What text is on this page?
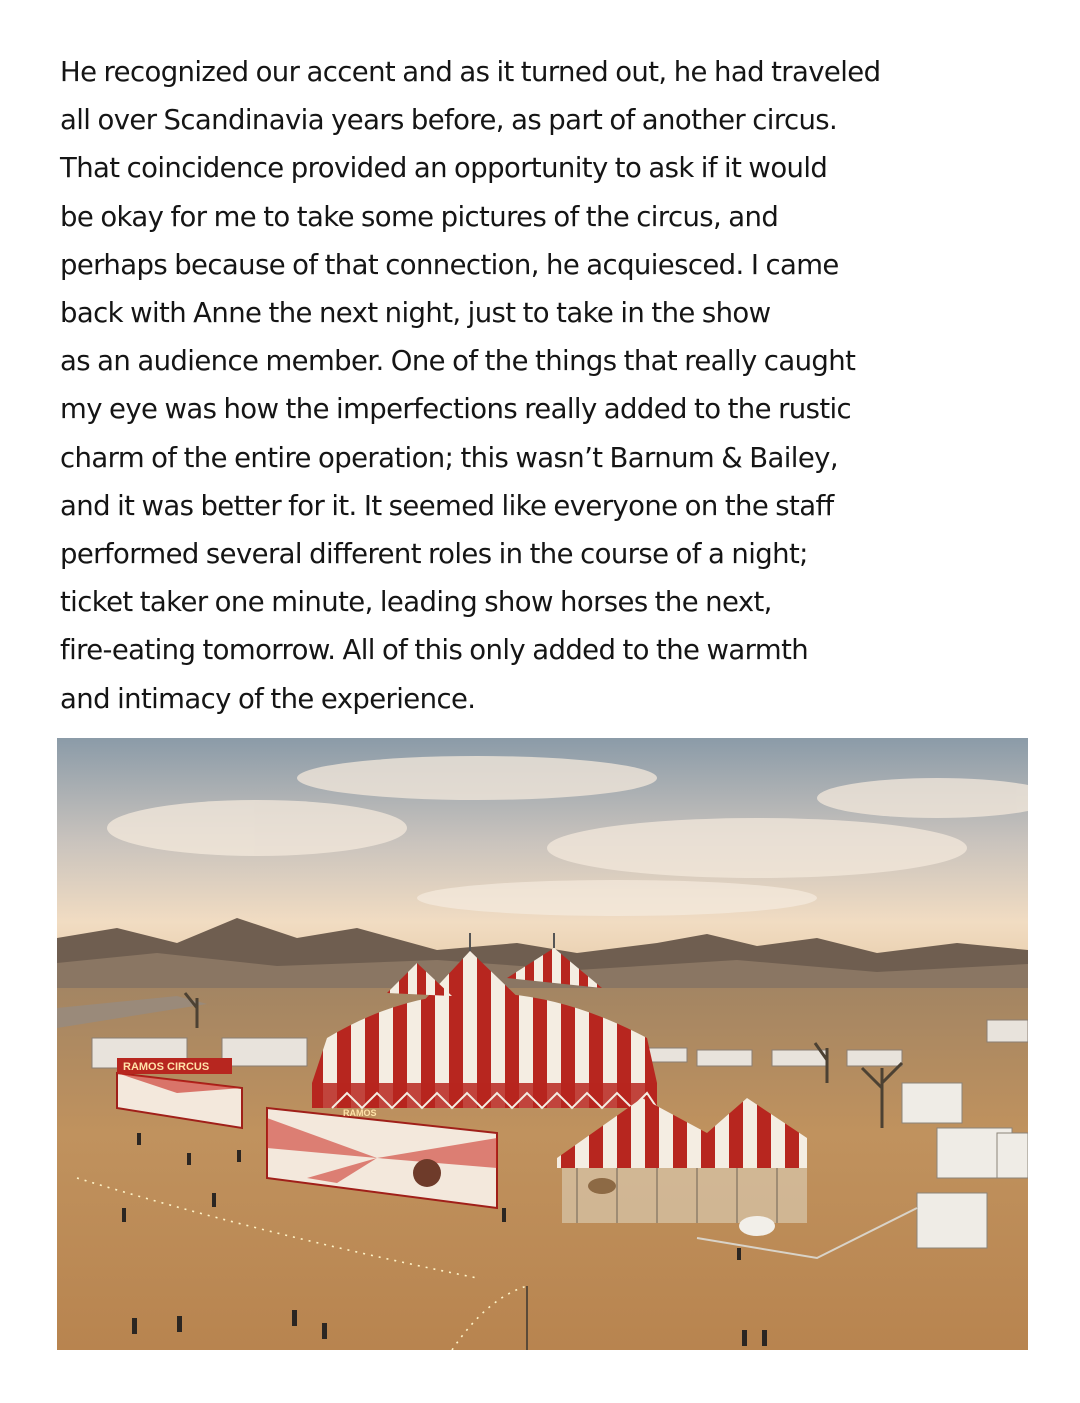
He recognized our accent and as it turned out, he had traveled
all over Scandinavia years before, as part of another circus.
That coincidence provided an opportunity to ask if it would
be okay for me to take some pictures of the circus, and
perhaps because of that connection, he acquiesced. I came
back with Anne the next night, just to take in the show
as an audience member. One of the things that really caught
my eye was how the imperfections really added to the rustic
charm of the entire operation; this wasn’t Barnum & Bailey,
and it was better for it. It seemed like everyone on the staff
performed several different roles in the course of a night;
ticket taker one minute, leading show horses the next,
fire-eating tomorrow. All of this only added to the warmth
and intimacy of the experience.
RAMOS CIRCUS
RAMOS
